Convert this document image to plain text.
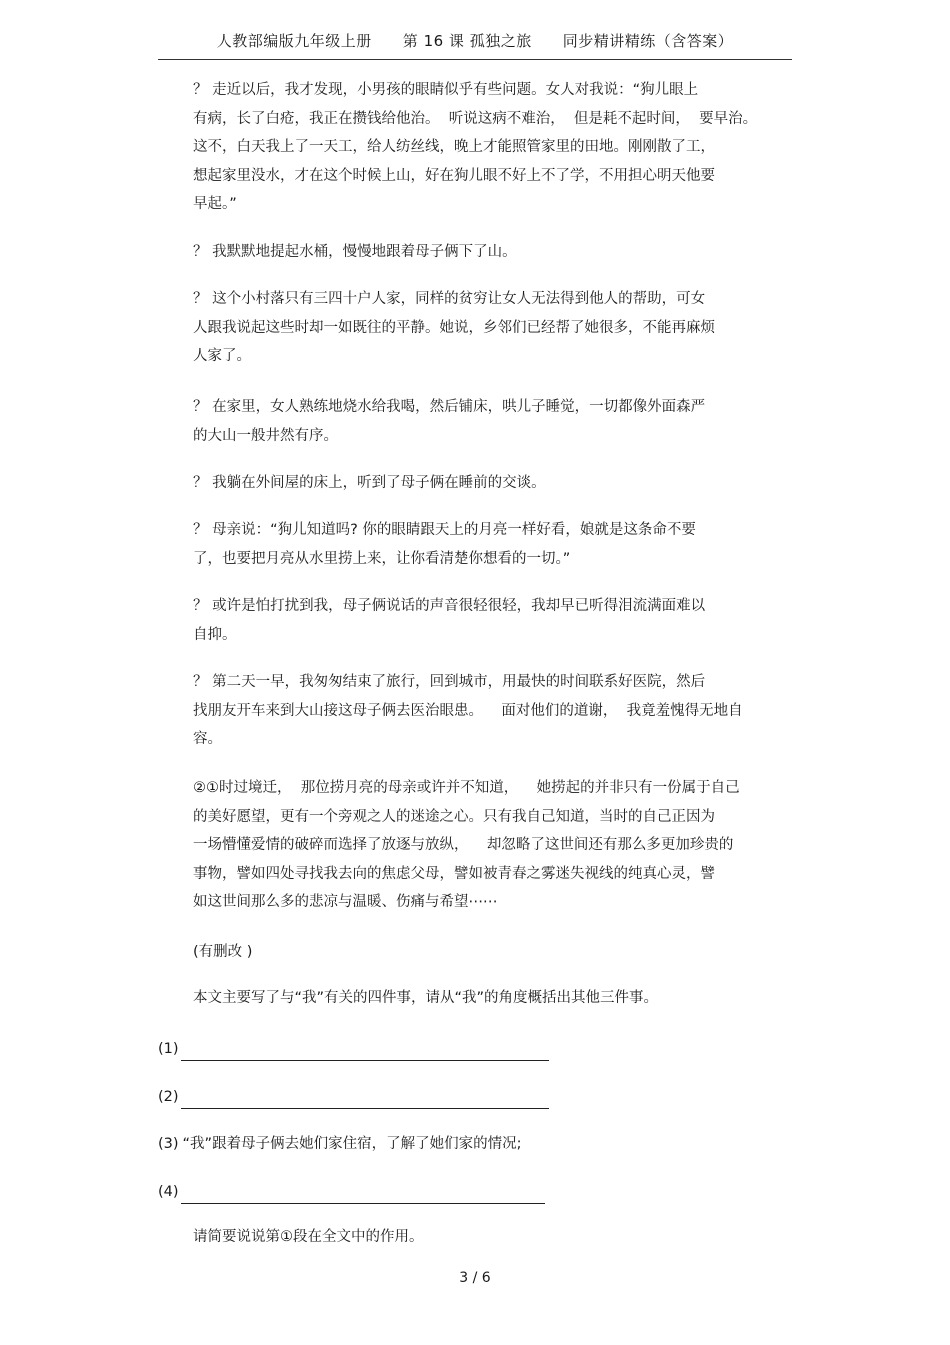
人教部编版九年级上册　　第 16 课 孤独之旅　　同步精讲精练（含答案）
？ 走近以后，我才发现，小男孩的眼睛似乎有些问题。女人对我说：“狗儿眼上
有病，长了白疮，我正在攒钱给他治。  听说这病不难治，  但是耗不起时间，  要早治。
这不，白天我上了一天工，给人纺丝线，晚上才能照管家里的田地。刚刚散了工，
想起家里没水，才在这个时候上山，好在狗儿眼不好上不了学，不用担心明天他要
早起。”
？ 我默默地提起水桶，慢慢地跟着母子俩下了山。
？ 这个小村落只有三四十户人家，同样的贫穷让女人无法得到他人的帮助，可女
人跟我说起这些时却一如既往的平静。她说，乡邻们已经帮了她很多，不能再麻烦
人家了。
？ 在家里，女人熟练地烧水给我喝，然后铺床，哄儿子睡觉，一切都像外面森严
的大山一般井然有序。
？ 我躺在外间屋的床上，听到了母子俩在睡前的交谈。
？ 母亲说：“狗儿知道吗? 你的眼睛跟天上的月亮一样好看，娘就是这条命不要
了，也要把月亮从水里捞上来，让你看清楚你想看的一切。”
？ 或许是怕打扰到我，母子俩说话的声音很轻很轻，我却早已听得泪流满面难以
自抑。
？ 第二天一早，我匆匆结束了旅行，回到城市，用最快的时间联系好医院，然后
找朋友开车来到大山接这母子俩去医治眼患。    面对他们的道谢，  我竟羞愧得无地自
容。
②①时过境迁，  那位捞月亮的母亲或许并不知道，    她捞起的并非只有一份属于自己
的美好愿望，更有一个旁观之人的迷途之心。只有我自己知道，当时的自己正因为
一场懵懂爱情的破碎而选择了放逐与放纵，    却忽略了这世间还有那么多更加珍贵的
事物，譬如四处寻找我去向的焦虑父母，譬如被青春之雾迷失视线的纯真心灵，譬
如这世间那么多的悲凉与温暖、伤痛与希望⋯⋯
(有删改 )
本文主要写了与“我”有关的四件事，请从“我”的角度概括出其他三件事。
(1)
(2)
(3) “我”跟着母子俩去她们家住宿，了解了她们家的情况;
(4)
请简要说说第①段在全文中的作用。
3 / 6
